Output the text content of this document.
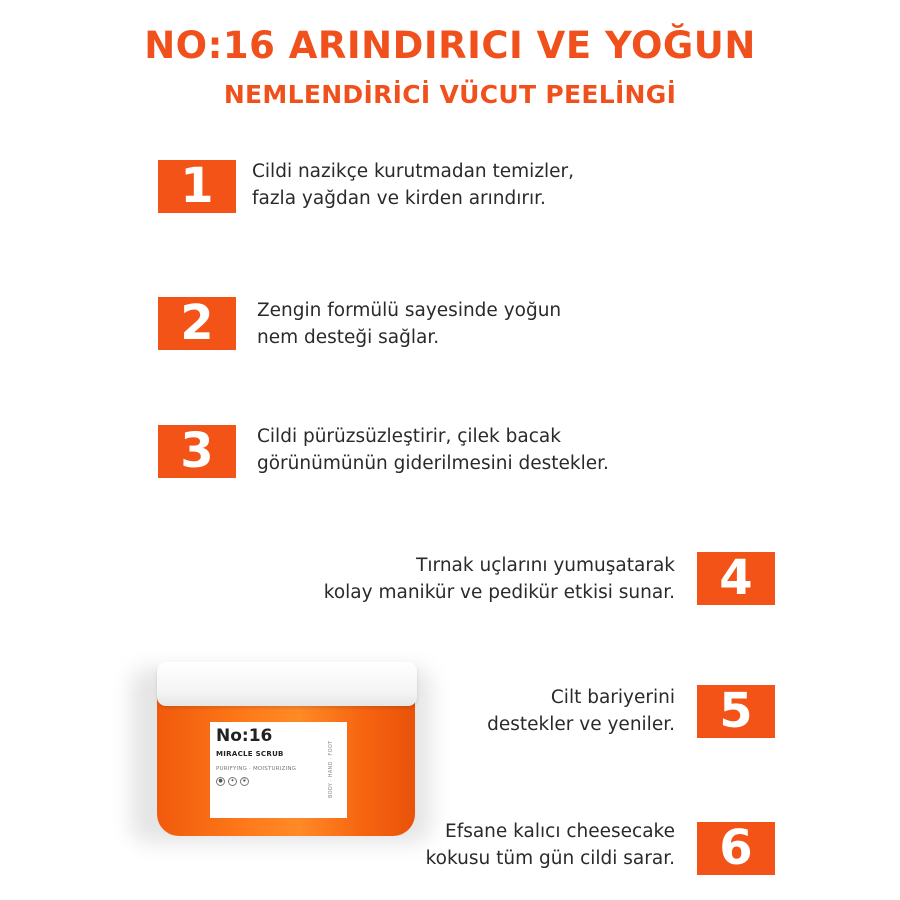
NO:16 ARINDIRICI VE YOĞUN
NEMLENDİRİCİ VÜCUT PEELİNGİ
1	Cildi nazikçe kurutmadan temizler,
fazla yağdan ve kirden arındırır.
2	Zengin formülü sayesinde yoğun
nem desteği sağlar.
3	Cildi pürüzsüzleştirir, çilek bacak
görünümünün giderilmesini destekler.
4
Tırnak uçlarını yumuşatarak
kolay manikür ve pedikür etkisi sunar.
5
Cilt bariyerini
destekler ve yeniler.
6
Efsane kalıcı cheesecake
kokusu tüm gün cildi sarar.
No:16
MIRACLE SCRUB
PURIFYING · MOISTURIZING
●	✦	❦	BODY · HAND · FOOT
